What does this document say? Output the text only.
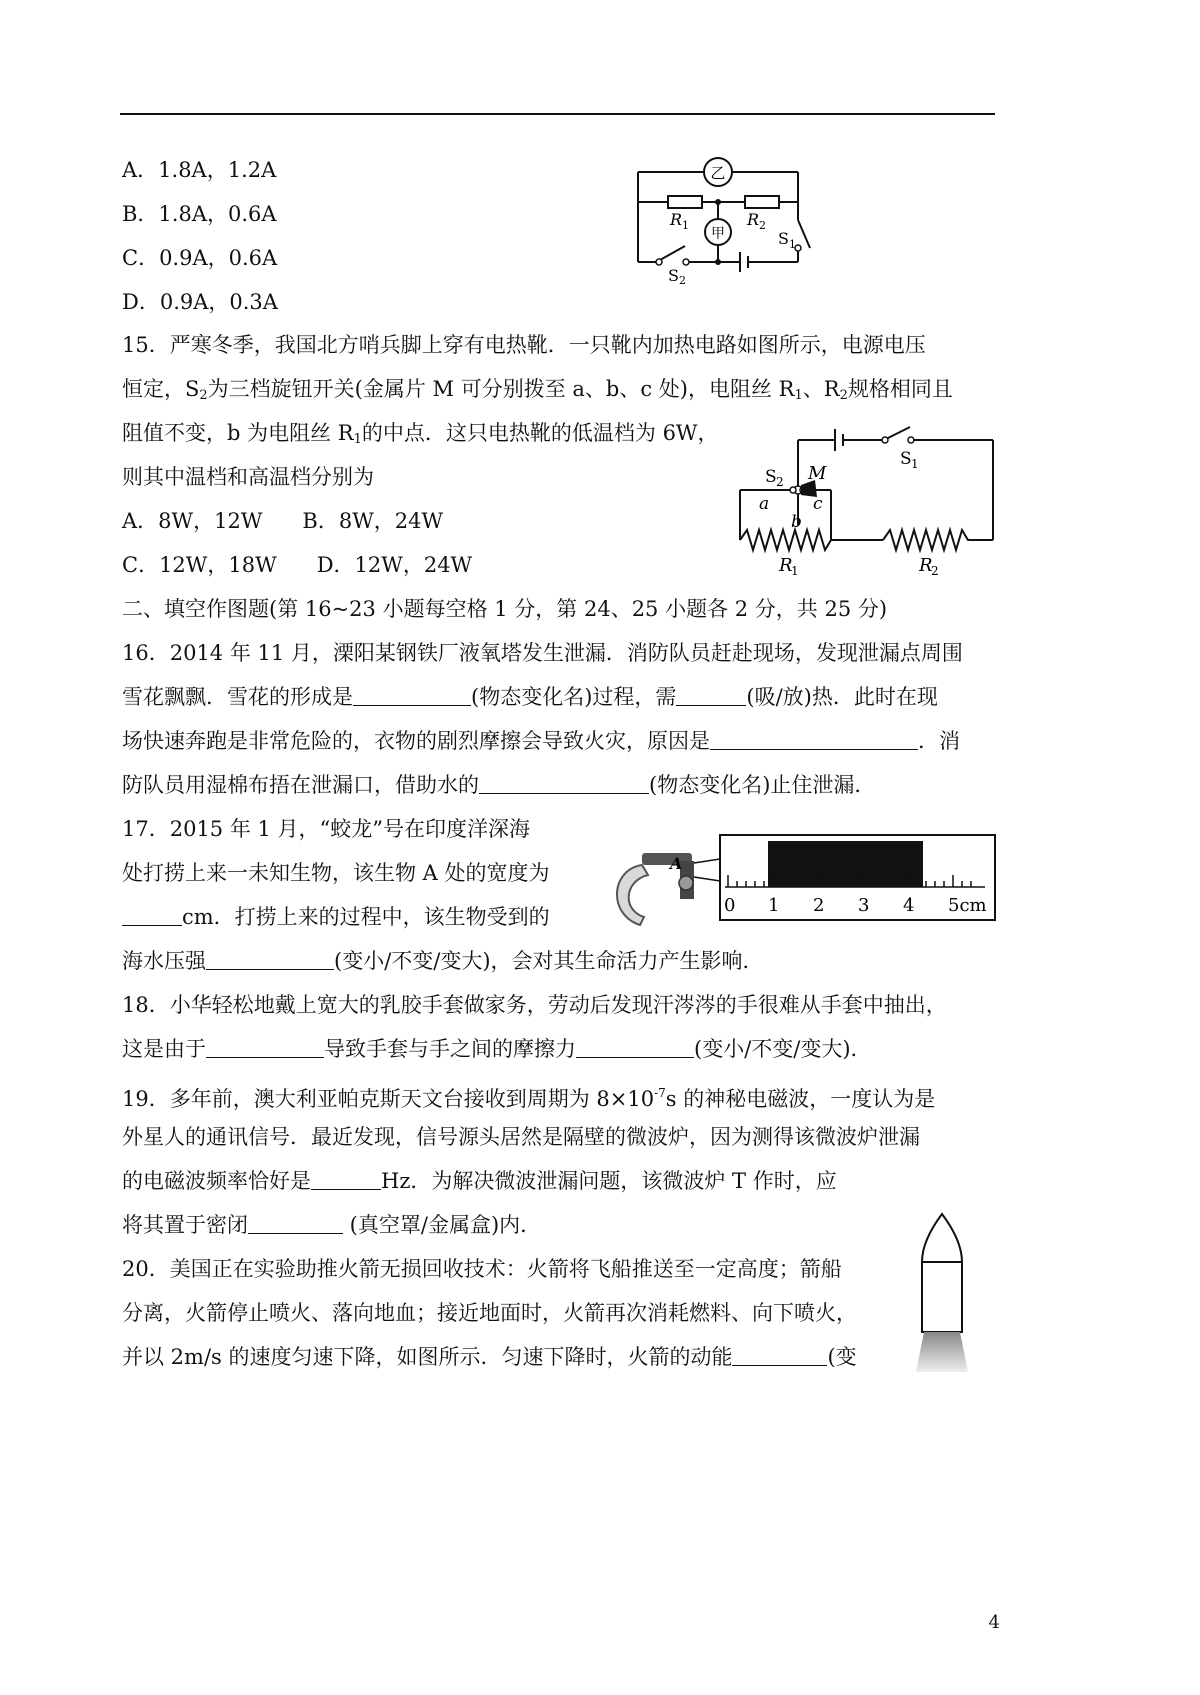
A．1.8A，1.2A
B．1.8A，0.6A
C．0.9A，0.6A
D．0.9A，0.3A
乙
甲
R 1	R 2
S 1
S 2
15．严寒冬季，我国北方哨兵脚上穿有电热靴．一只靴内加热电路如图所示，电源电压
恒定，$S_2$为三档旋钮开关(金属片 M 可分别拨至 a、b、c 处)，电阻丝 $R_1$、$R_2$规格相同且
阻值不变，b 为电阻丝 $R_1$的中点．这只电热靴的低温档为 6W，
则其中温档和高温档分别为
A．8W，12W B．8W，24W
C．12W，18W D．12W，24W
S 2 M
a
b
c
S 1
R
1	R
2
二、填空作图题(第 16~23 小题每空格 1 分，第 24、25 小题各 2 分，共 25 分)
16．2014 年 11 月，溧阳某钢铁厂液氧塔发生泄漏．消防队员赶赴现场，发现泄漏点周围
雪花飘飘．雪花的形成是	(物态变化名)过程，需	(吸/放)热．此时在现
场快速奔跑是非常危险的，衣物的剧烈摩擦会导致火灾，原因是	．消
防队员用湿棉布捂在泄漏口，借助水的	(物态变化名)止住泄漏．
17．2015 年 1 月，“蛟龙”号在印度洋深海
处打捞上来一未知生物，该生物 A 处的宽度为
cm．打捞上来的过程中，该生物受到的
海水压强	(变小/不变/变大)，会对其生命活力产生影响．
A
0 1 2 3 4 5cm
18．小华轻松地戴上宽大的乳胶手套做家务，劳动后发现汗涔涔的手很难从手套中抽出，
这是由于	导致手套与手之间的摩擦力	(变小/不变/变大)．
19．多年前，澳大利亚帕克斯天文台接收到周期为 $8\times 10^{-7}s$ 的神秘电磁波，一度认为是
外星人的通讯信号．最近发现，信号源头居然是隔壁的微波炉，因为测得该微波炉泄漏
的电磁波频率恰好是	Hz．为解决微波泄漏问题，该微波炉 T 作时，应
将其置于密闭	(真空罩/金属盒)内．
20．美国正在实验助推火箭无损回收技术：火箭将飞船推送至一定高度；箭船
分离，火箭停止喷火、落向地血；接近地面时，火箭再次消耗燃料、向下喷火，
并以 2m/s 的速度匀速下降，如图所示．匀速下降时，火箭的动能	(变
4
